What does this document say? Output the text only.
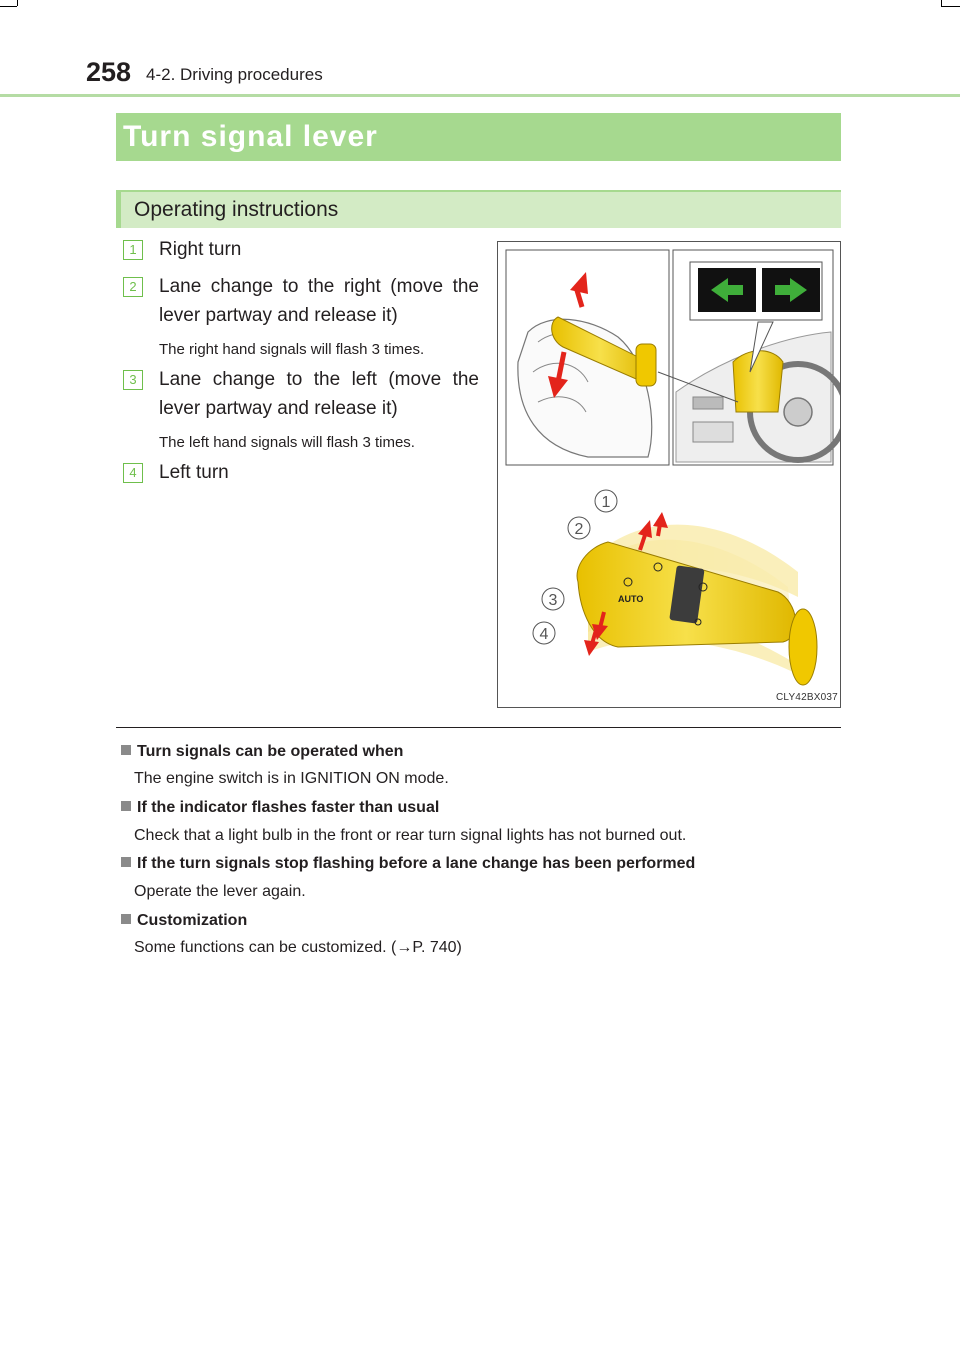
258 4-2. Driving procedures
Turn signal lever
Operating instructions
1	Right turn
2	Lane change to the right (move the lever partway and release it)
The right hand signals will flash 3 times.
3	Lane change to the left (move the lever partway and release it)
The left hand signals will flash 3 times.
4	Left turn
AUTO
1
2
3
4
CLY42BX037
Turn signals can be operated when
The engine switch is in IGNITION ON mode.
If the indicator flashes faster than usual
Check that a light bulb in the front or rear turn signal lights has not burned out.
If the turn signals stop flashing before a lane change has been performed
Operate the lever again.
Customization
Some functions can be customized. (→P. 740)
